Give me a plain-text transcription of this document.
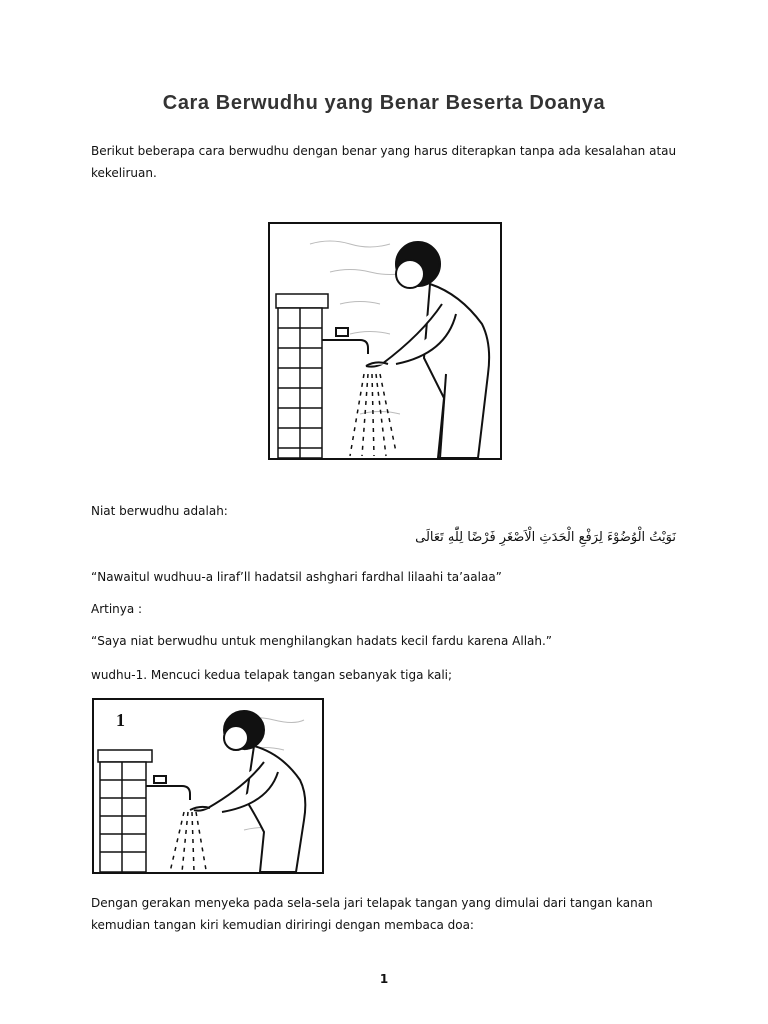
Cara Berwudhu yang Benar Beserta Doanya
Berikut beberapa cara berwudhu dengan benar yang harus diterapkan tanpa ada kesalahan atau kekeliruan.
Niat berwudhu adalah:
نَوَيْتُ الْوُضُوْءَ لِرَفْعِ الْحَدَثِ الْاَصْغَرِ فَرْضًا لِلّٰهِ تَعَالَى
“Nawaitul wudhuu-a liraf’ll hadatsil ashghari fardhal lilaahi ta’aalaa”
Artinya :
“Saya niat berwudhu untuk menghilangkan hadats kecil fardu karena Allah.”
wudhu-1. Mencuci kedua telapak tangan sebanyak tiga kali;
1
Dengan gerakan menyeka pada sela-sela jari telapak tangan yang dimulai dari tangan kanan kemudian tangan kiri kemudian diriringi dengan membaca doa:
1
